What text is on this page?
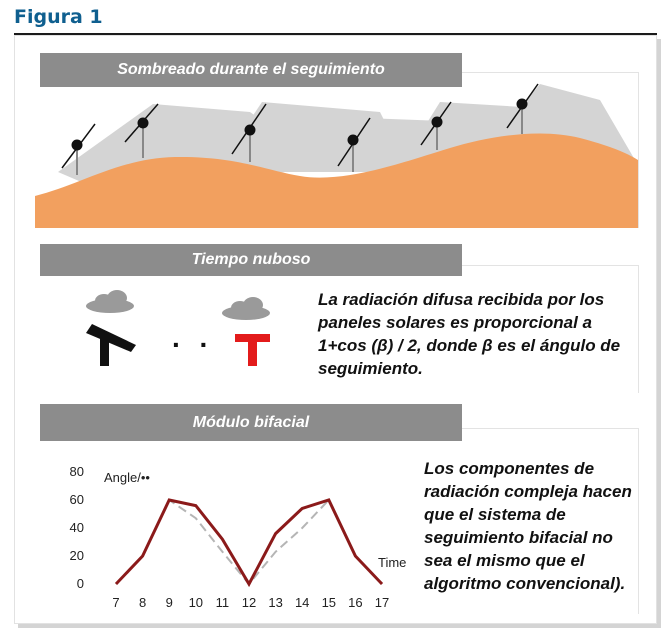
Figura 1
Sombreado durante el seguimiento
Tiempo nuboso
. .
La radiación difusa recibida por los paneles solares es proporcional a 1+cos (β) / 2, donde β es el ángulo de seguimiento.
Módulo bifacial
0
20
40
60
80
7 8 9 10 11 12 13 14 15 16 17
Angle/••
Time
Los componentes de radiación compleja hacen que el sistema de seguimiento bifacial no sea el mismo que el algoritmo convencional).
